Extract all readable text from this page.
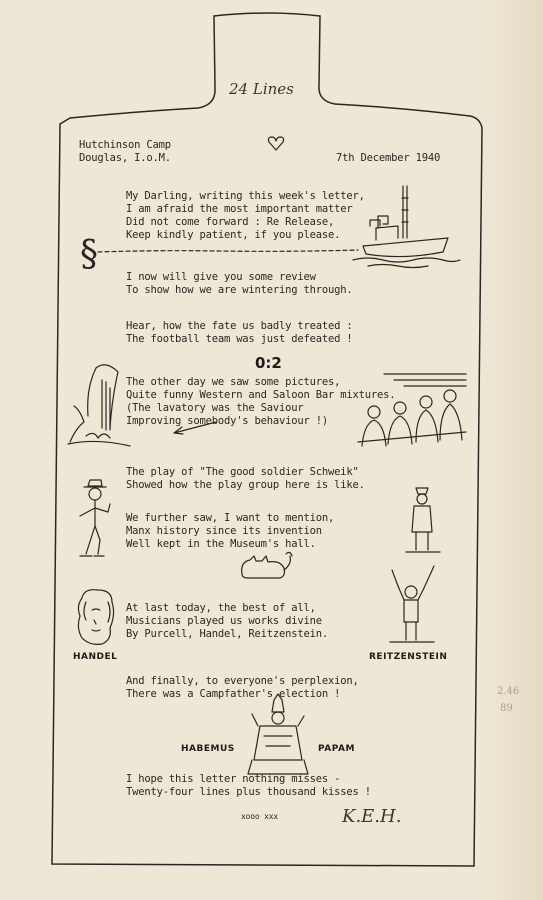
24 Lines
Hutchinson Camp
Douglas, I.o.M.	7th December 1940
My Darling, writing this week's letter,
I am afraid the most important matter
Did not come forward : Re Release,
Keep kindly patient, if you please.
§
I now will give you some review
To show how we are wintering through.
Hear, how the fate us badly treated :
The football team was just defeated !
0:2
The other day we saw some pictures,
Quite funny Western and Saloon Bar mixtures.
(The lavatory was the Saviour
Improving somebody's behaviour !)
The play of "The good soldier Schweik"
Showed how the play group here is like.
We further saw, I want to mention,
Manx history since its invention
Well kept in the Museum's hall.
HANDEL
At last today, the best of all,
Musicians played us works divine
By Purcell, Handel, Reitzenstein.
REITZENSTEIN
And finally, to everyone's perplexion,
There was a Campfather's election !
HABEMUS	PAPAM
I hope this letter nothing misses -
Twenty-four lines plus thousand kisses !
xooo xxx	K.E.H.
2.46
89
